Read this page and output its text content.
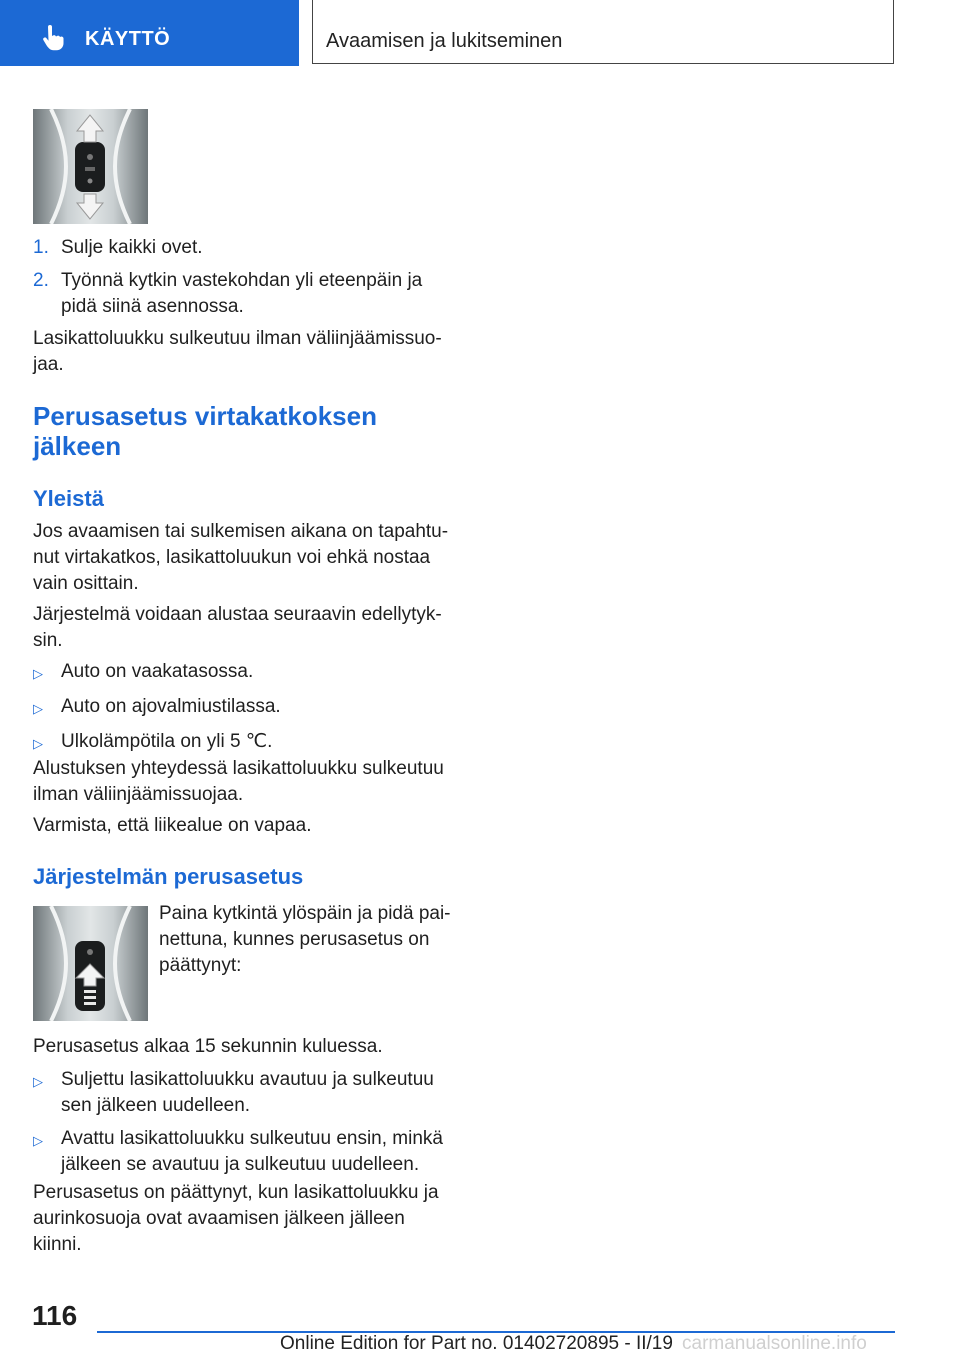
KÄYTTÖ	Avaamisen ja lukitseminen
1. Sulje kaikki ovet.
2. Työnnä kytkin vastekohdan yli eteenpäin ja
pidä siinä asennossa.
Lasikattoluukku sulkeutuu ilman väliinjäämissuo-
jaa.
Perusasetus virtakatkoksen
jälkeen
Yleistä
Jos avaamisen tai sulkemisen aikana on tapahtu-
nut virtakatkos, lasikattoluukun voi ehkä nostaa
vain osittain.
Järjestelmä voidaan alustaa seuraavin edellytyk-
sin.
▷ Auto on vaakatasossa.
▷ Auto on ajovalmiustilassa.
▷ Ulkolämpötila on yli 5 ℃.
Alustuksen yhteydessä lasikattoluukku sulkeutuu
ilman väliinjäämissuojaa.
Varmista, että liikealue on vapaa.
Järjestelmän perusasetus
Paina kytkintä ylöspäin ja pidä pai-
nettuna, kunnes perusasetus on
päättynyt:
Perusasetus alkaa 15 sekunnin kuluessa.
▷ Suljettu lasikattoluukku avautuu ja sulkeutuu
sen jälkeen uudelleen.
▷ Avattu lasikattoluukku sulkeutuu ensin, minkä
jälkeen se avautuu ja sulkeutuu uudelleen.
Perusasetus on päättynyt, kun lasikattoluukku ja
aurinkosuoja ovat avaamisen jälkeen jälleen
kiinni.
116
Online Edition for Part no. 01402720895 - II/19 carmanualsonline.info
